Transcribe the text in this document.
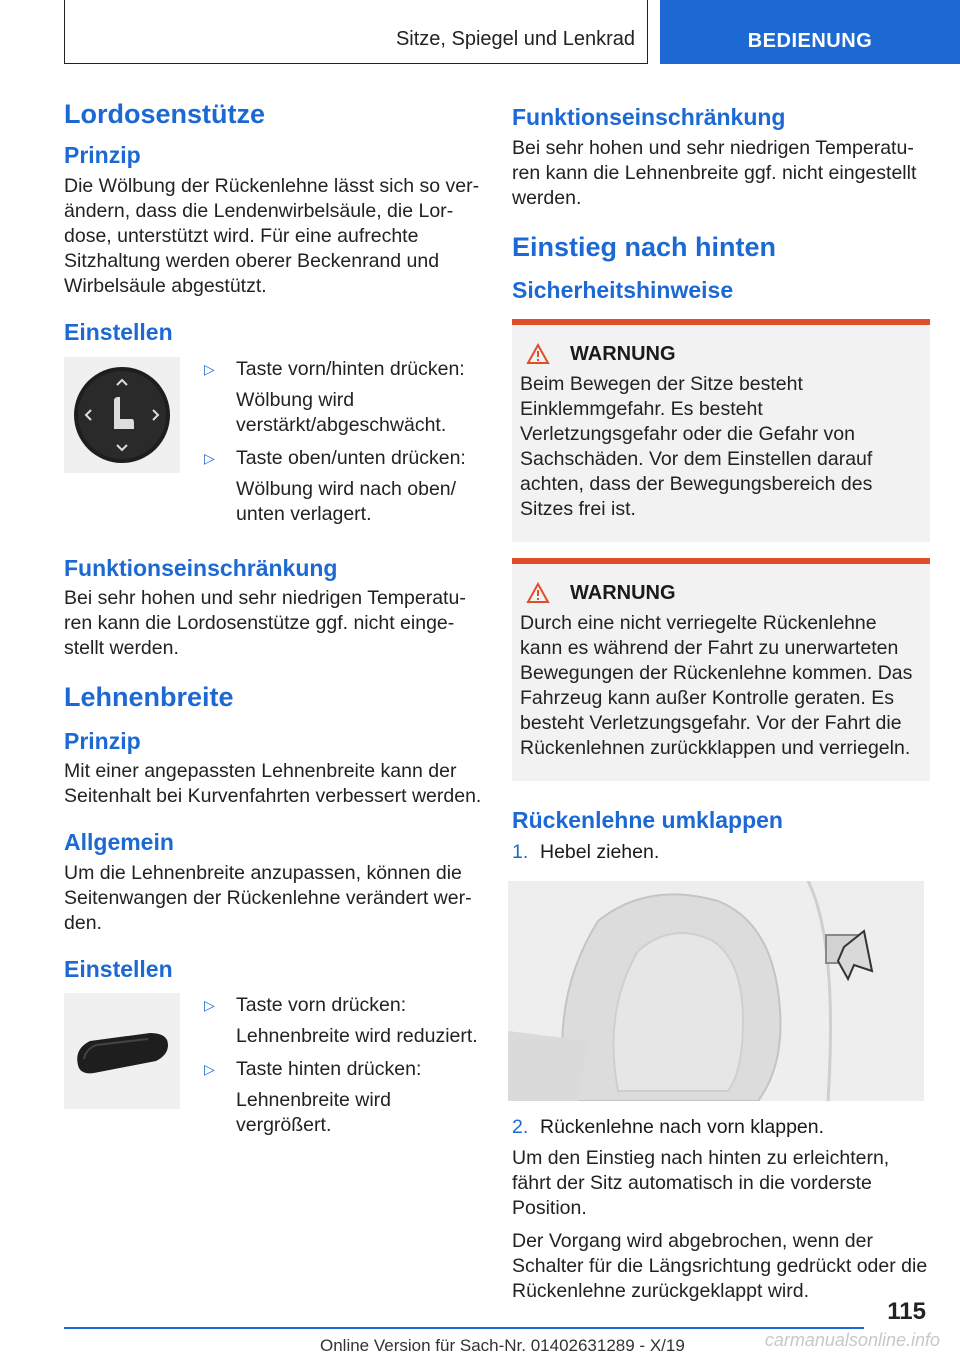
Sitze, Spiegel und Lenkrad	BEDIENUNG
Lordosenstütze
Prinzip

Die Wölbung der Rückenlehne lässt sich so verändern, dass die Lendenwirbelsäule, die Lordose, unterstützt wird. Für eine aufrechte Sitzhaltung werden oberer Beckenrand und Wirbelsäule abgestützt.

Einstellen
▷	Taste vorn/hinten drücken:
Wölbung wird verstärkt/abgeschwächt.
▷	Taste oben/unten drücken:
Wölbung wird nach oben/ unten verlagert.
Funktionseinschränkung

Bei sehr hohen und sehr niedrigen Temperaturen kann die Lordosenstütze ggf. nicht eingestellt werden.

Lehnenbreite
Prinzip

Mit einer angepassten Lehnenbreite kann der Seitenhalt bei Kurvenfahrten verbessert werden.

Allgemein

Um die Lehnenbreite anzupassen, können die Seitenwangen der Rückenlehne verändert werden.

Einstellen
▷	Taste vorn drücken:
Lehnenbreite wird reduziert.
▷	Taste hinten drücken:
Lehnenbreite wird vergrößert.
Funktionseinschränkung

Bei sehr hohen und sehr niedrigen Temperaturen kann die Lehnenbreite ggf. nicht eingestellt werden.

Einstieg nach hinten
Sicherheitshinweise
WARNUNG

Beim Bewegen der Sitze besteht Einklemmgefahr. Es besteht Verletzungsgefahr oder die Gefahr von Sachschäden. Vor dem Einstellen darauf achten, dass der Bewegungsbereich des Sitzes frei ist.

WARNUNG

Durch eine nicht verriegelte Rückenlehne kann es während der Fahrt zu unerwarteten Bewegungen der Rückenlehne kommen. Das Fahrzeug kann außer Kontrolle geraten. Es besteht Verletzungsgefahr. Vor der Fahrt die Rückenlehnen zurückklappen und verriegeln.

Rückenlehne umklappen
1. Hebel ziehen.
2. Rückenlehne nach vorn klappen.

Um den Einstieg nach hinten zu erleichtern, fährt der Sitz automatisch in die vorderste Position.

Der Vorgang wird abgebrochen, wenn der Schalter für die Längsrichtung gedrückt oder die Rückenlehne zurückgeklappt wird.

115
carmanualsonline.info
Online Version für Sach-Nr. 01402631289 - X/19
